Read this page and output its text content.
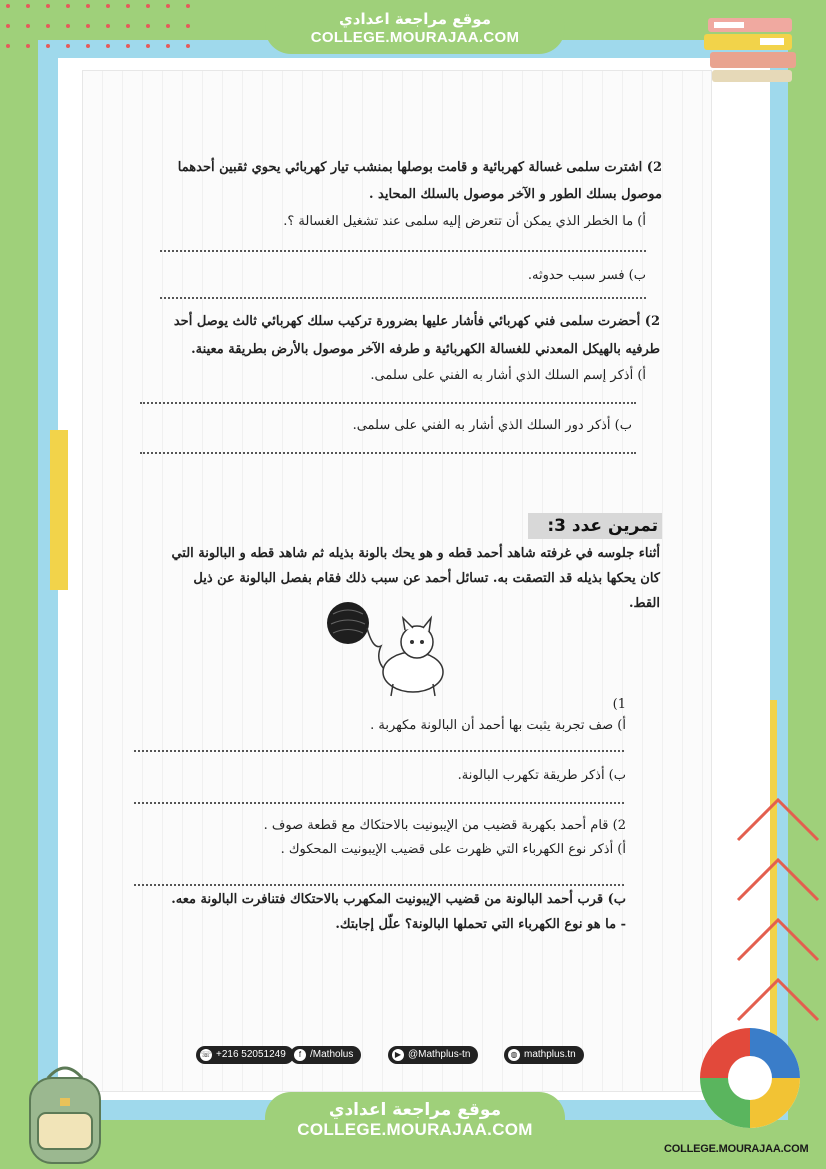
موقع مراجعة اعدادي
COLLEGE.MOURAJAA.COM
2) اشترت سلمى غسالة كهربائية و قامت بوصلها بمنشب تيار كهربائي يحوي ثقبين أحدهما
موصول بسلك الطور و الآخر موصول بالسلك المحايد .
أ) ما الخطر الذي يمكن أن تتعرض إليه سلمى عند تشغيل الغسالة ؟.
ب) فسر سبب حدوثه.
2) أحضرت سلمى فني كهربائي فأشار عليها بضرورة تركيب سلك كهربائي ثالث يوصل أحد
طرفيه بالهيكل المعدني للغسالة الكهربائية و طرفه الآخر موصول بالأرض بطريقة معينة.
أ) أذكر إسم السلك الذي أشار به الفني على سلمى.
ب) أذكر دور السلك الذي أشار به الفني على سلمى.
تمرين عدد 3:
أثناء جلوسه في غرفته شاهد أحمد قطه و هو يحك بالونة بذيله ثم شاهد قطه و البالونة التي
كان يحكها بذيله قد التصقت به. تسائل أحمد عن سبب ذلك فقام بفصل البالونة عن ذيل
القط.
1)
أ) صف تجربة يثبت بها أحمد أن البالونة مكهربة .
ب) أذكر طريقة تكهرب البالونة.
2) قام أحمد بكهربة قضيب من الإيبونيت بالاحتكاك مع قطعة صوف .
أ) أذكر نوع الكهرباء التي ظهرت على قضيب الإيبونيت المحكوك .
ب) قرب أحمد البالونة من قضيب الإيبونيت المكهرب بالاحتكاك فتنافرت البالونة معه.
- ما هو نوع الكهرباء التي تحملها البالونة؟ علّل إجابتك.
☏ +216 52051249	f /Matholus	▶ @Mathplus-tn	◍ mathplus.tn
موقع مراجعة اعدادي
COLLEGE.MOURAJAA.COM
COLLEGE.MOURAJAA.COM
